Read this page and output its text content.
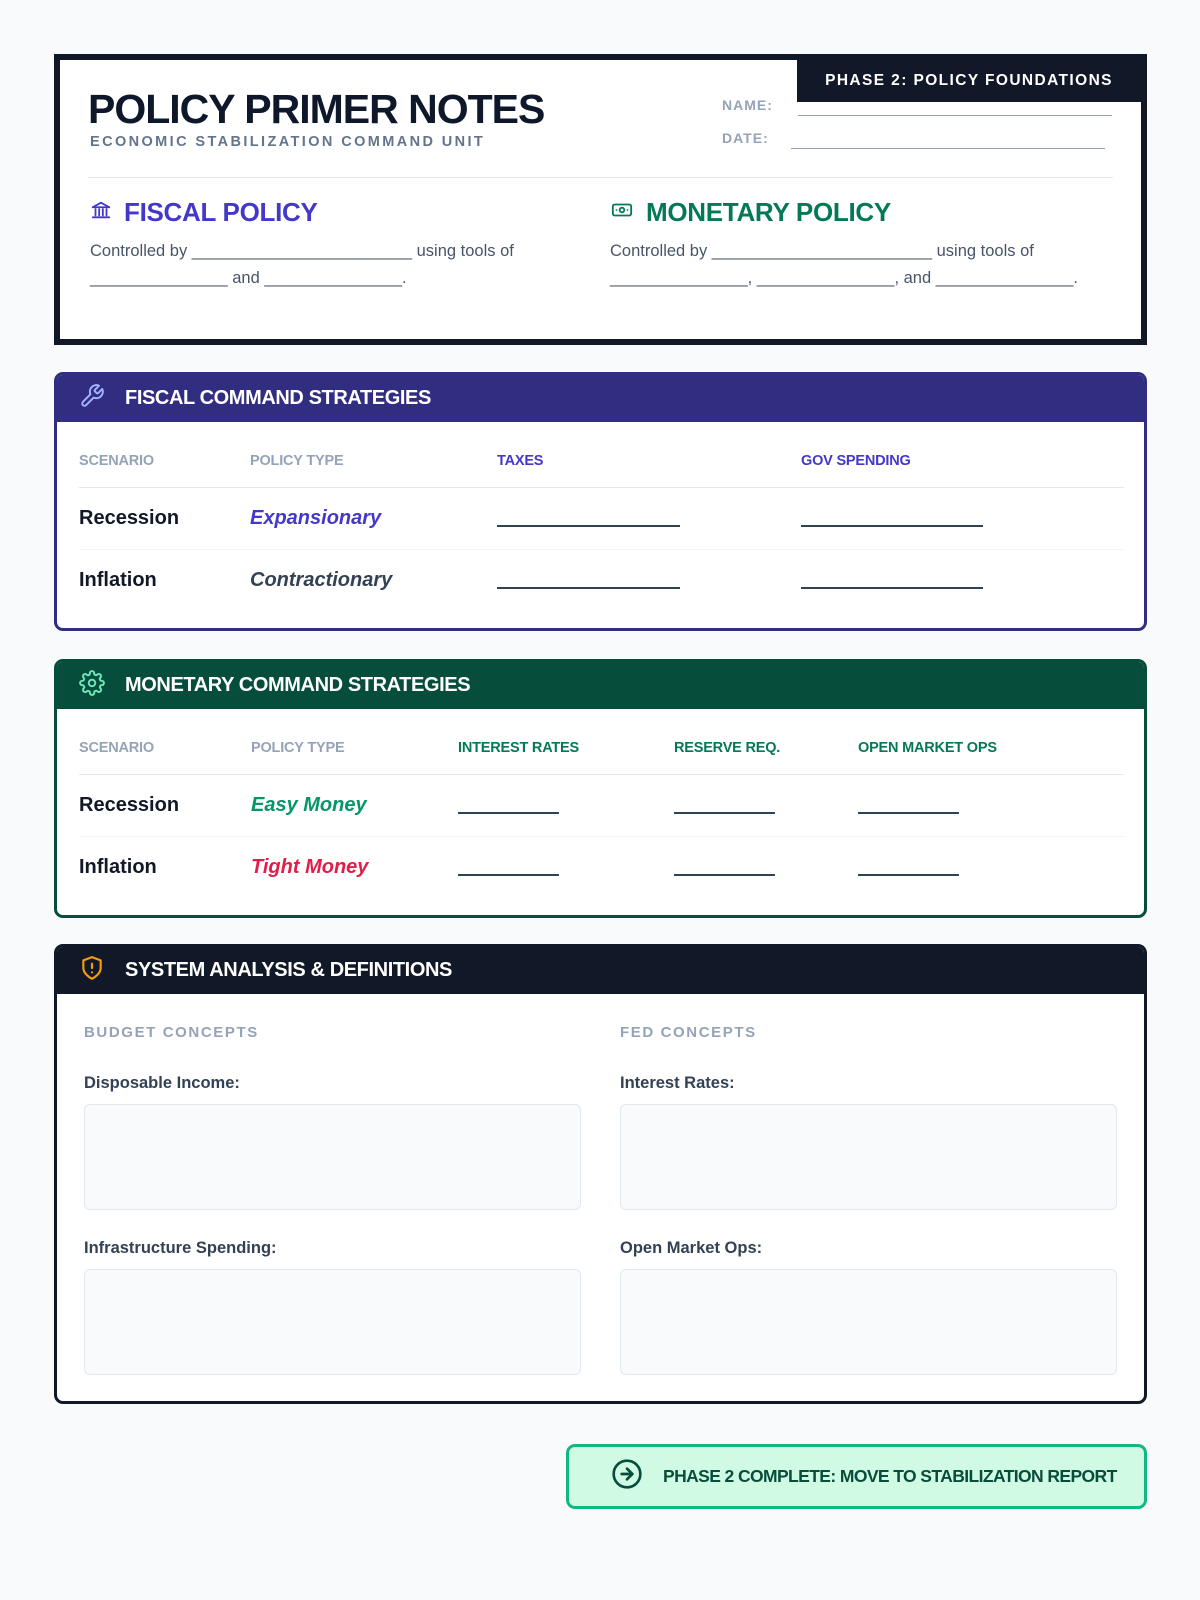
PHASE 2: POLICY FOUNDATIONS
POLICY PRIMER NOTES
ECONOMIC STABILIZATION COMMAND UNIT
NAME:
DATE:
FISCAL POLICY
Controlled by ________________________ using tools of _______________ and _______________.
MONETARY POLICY
Controlled by ________________________ using tools of _______________, _______________, and _______________.
FISCAL COMMAND STRATEGIES
SCENARIO	POLICY TYPE	TAXES	GOV SPENDING
Recession	Expansionary
Inflation	Contractionary
MONETARY COMMAND STRATEGIES
SCENARIO	POLICY TYPE	INTEREST RATES	RESERVE REQ.	OPEN MARKET OPS
Recession	Easy Money
Inflation	Tight Money
SYSTEM ANALYSIS & DEFINITIONS
BUDGET CONCEPTS
Disposable Income:
Infrastructure Spending:
FED CONCEPTS
Interest Rates:
Open Market Ops:
PHASE 2 COMPLETE: MOVE TO STABILIZATION REPORT
